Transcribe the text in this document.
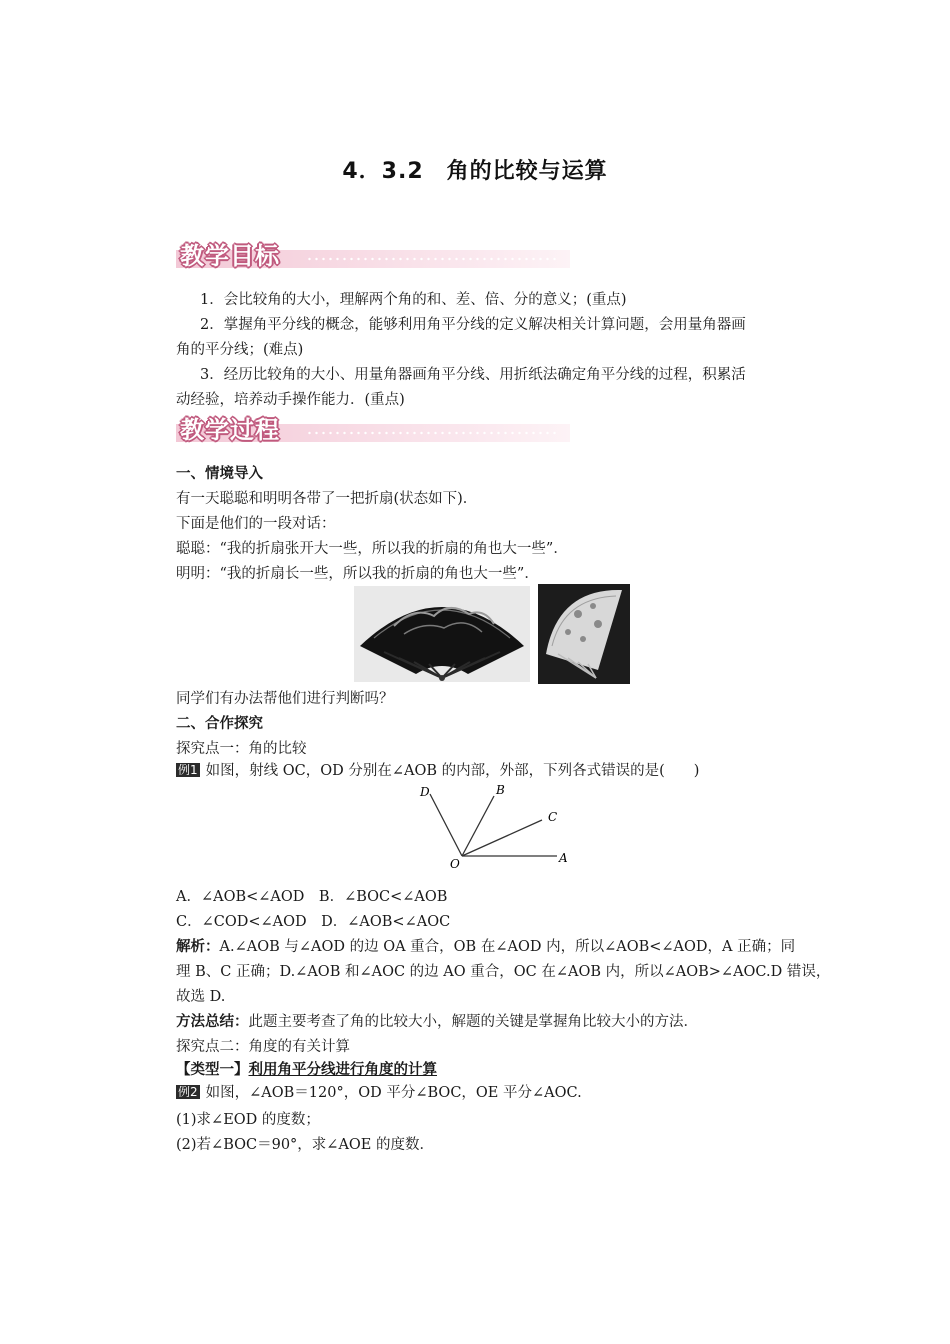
4．3.2　角的比较与运算
教学目标
1．会比较角的大小，理解两个角的和、差、倍、分的意义；(重点)
2．掌握角平分线的概念，能够利用角平分线的定义解决相关计算问题，会用量角器画
角的平分线；(难点)
3．经历比较角的大小、用量角器画角平分线、用折纸法确定角平分线的过程，积累活
动经验，培养动手操作能力．(重点)
教学过程
一、情境导入
有一天聪聪和明明各带了一把折扇(状态如下)．
下面是他们的一段对话：
聪聪：“我的折扇张开大一些，所以我的折扇的角也大一些”．
明明：“我的折扇长一些，所以我的折扇的角也大一些”．
同学们有办法帮他们进行判断吗？
二、合作探究
探究点一：角的比较
例1 如图，射线 OC，OD 分别在∠AOB 的内部，外部，下列各式错误的是(　　)
D	B
C
O	A
A．∠AOB<∠AOD　 B．∠BOC<∠AOB
C．∠COD<∠AOD　 D．∠AOB<∠AOC
解析：A.∠AOB 与∠AOD 的边 OA 重合，OB 在∠AOD 内，所以∠AOB<∠AOD，A 正确；同
理 B、C 正确；D.∠AOB 和∠AOC 的边 AO 重合，OC 在∠AOB 内，所以∠AOB>∠AOC.D 错误，
故选 D.
方法总结：此题主要考查了角的比较大小，解题的关键是掌握角比较大小的方法．
探究点二：角度的有关计算
【类型一】利用角平分线进行角度的计算
例2 如图，∠AOB＝120°，OD 平分∠BOC，OE 平分∠AOC.
(1)求∠EOD 的度数；
(2)若∠BOC＝90°，求∠AOE 的度数．
